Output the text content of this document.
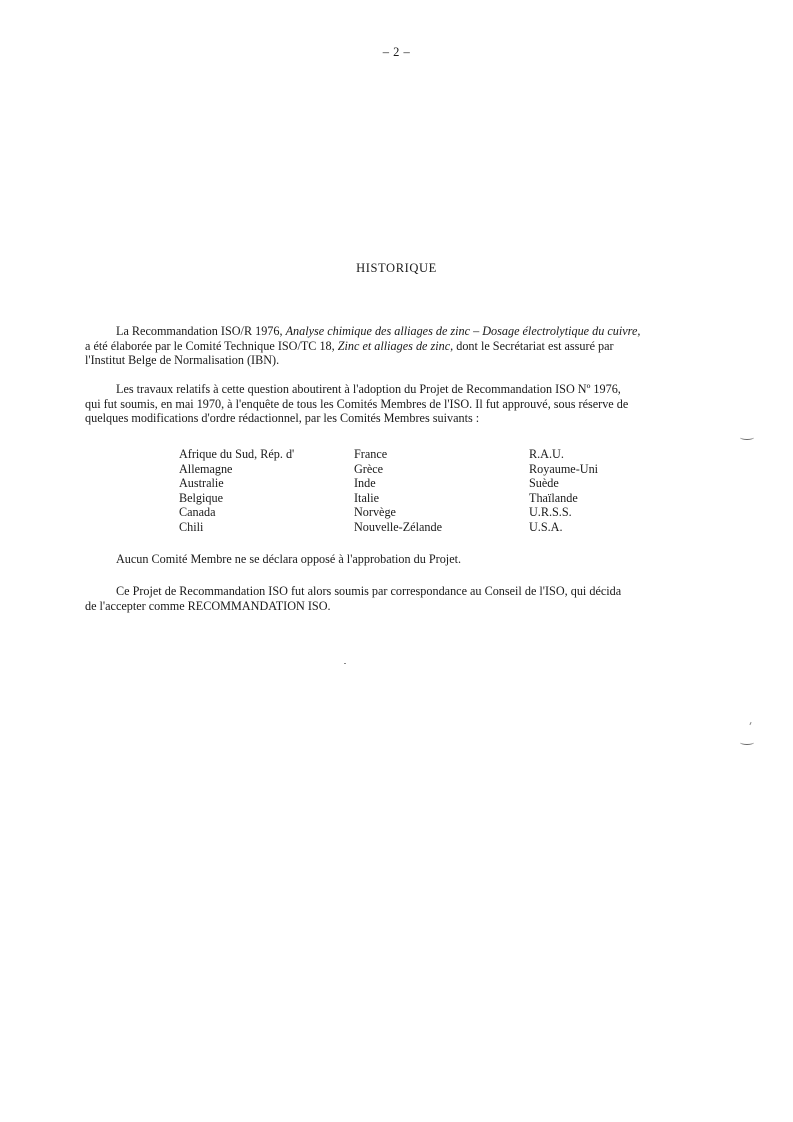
– 2 –
HISTORIQUE

La Recommandation ISO/R 1976, Analyse chimique des alliages de zinc – Dosage électrolytique du cuivre,
a été élaborée par le Comité Technique ISO/TC 18, Zinc et alliages de zinc, dont le Secrétariat est assuré par
l'Institut Belge de Normalisation (IBN).

Les travaux relatifs à cette question aboutirent à l'adoption du Projet de Recommandation ISO Nº 1976,
qui fut soumis, en mai 1970, à l'enquête de tous les Comités Membres de l'ISO. Il fut approuvé, sous réserve de
quelques modifications d'ordre rédactionnel, par les Comités Membres suivants :

Afrique du Sud, Rép. d'
Allemagne
Australie
Belgique
Canada
Chili
France
Grèce
Inde
Italie
Norvège
Nouvelle-Zélande
R.A.U.
Royaume-Uni
Suède
Thaïlande
U.R.S.S.
U.S.A.

Aucun Comité Membre ne se déclara opposé à l'approbation du Projet.

Ce Projet de Recommandation ISO fut alors soumis par correspondance au Conseil de l'ISO, qui décida
de l'accepter comme RECOMMANDATION ISO.
